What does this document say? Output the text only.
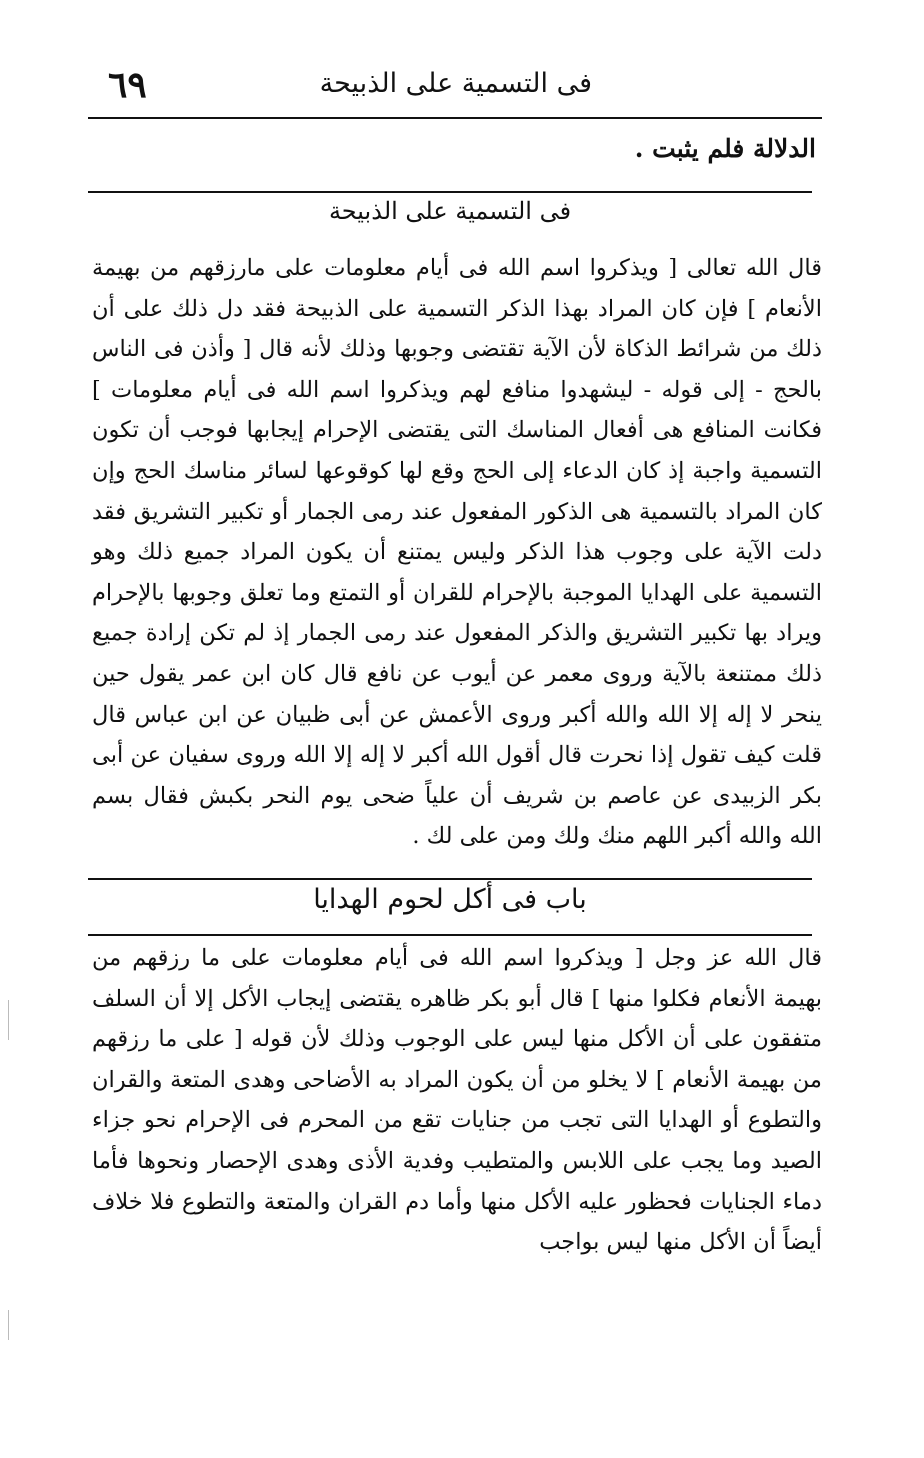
فى التسمية على الذبيحة
٦٩
الدلالة فلم يثبت .
فى التسمية على الذبيحة

قال الله تعالى [ ويذكروا اسم الله فى أيام معلومات على مارزقهم من بهيمة الأنعام ] فإن كان المراد بهذا الذكر التسمية على الذبيحة فقد دل ذلك على أن ذلك من شرائط الذكاة لأن الآية تقتضى وجوبها وذلك لأنه قال [ وأذن فى الناس بالحج - إلى قوله - ليشهدوا منافع لهم ويذكروا اسم الله فى أيام معلومات ] فكانت المنافع هى أفعال المناسك التى يقتضى الإحرام إيجابها فوجب أن تكون التسمية واجبة إذ كان الدعاء إلى الحج وقع لها كوقوعها لسائر مناسك الحج وإن كان المراد بالتسمية هى الذكور المفعول عند رمى الجمار أو تكبير التشريق فقد دلت الآية على وجوب هذا الذكر وليس يمتنع أن يكون المراد جميع ذلك وهو التسمية على الهدايا الموجبة بالإحرام للقران أو التمتع وما تعلق وجوبها بالإحرام ويراد بها تكبير التشريق والذكر المفعول عند رمى الجمار إذ لم تكن إرادة جميع ذلك ممتنعة بالآية وروى معمر عن أيوب عن نافع قال كان ابن عمر يقول حين ينحر لا إله إلا الله والله أكبر وروى الأعمش عن أبى ظبيان عن ابن عباس قال قلت كيف تقول إذا نحرت قال أقول الله أكبر لا إله إلا الله وروى سفيان عن أبى بكر الزبيدى عن عاصم بن شريف أن علياً ضحى يوم النحر بكبش فقال بسم الله والله أكبر اللهم منك ولك ومن على لك .

باب فى أكل لحوم الهدايا

قال الله عز وجل [ ويذكروا اسم الله فى أيام معلومات على ما رزقهم من بهيمة الأنعام فكلوا منها ] قال أبو بكر ظاهره يقتضى إيجاب الأكل إلا أن السلف متفقون على أن الأكل منها ليس على الوجوب وذلك لأن قوله [ على ما رزقهم من بهيمة الأنعام ] لا يخلو من أن يكون المراد به الأضاحى وهدى المتعة والقران والتطوع أو الهدايا التى تجب من جنايات تقع من المحرم فى الإحرام نحو جزاء الصيد وما يجب على اللابس والمتطيب وفدية الأذى وهدى الإحصار ونحوها فأما دماء الجنايات فحظور عليه الأكل منها وأما دم القران والمتعة والتطوع فلا خلاف أيضاً أن الأكل منها ليس بواجب
